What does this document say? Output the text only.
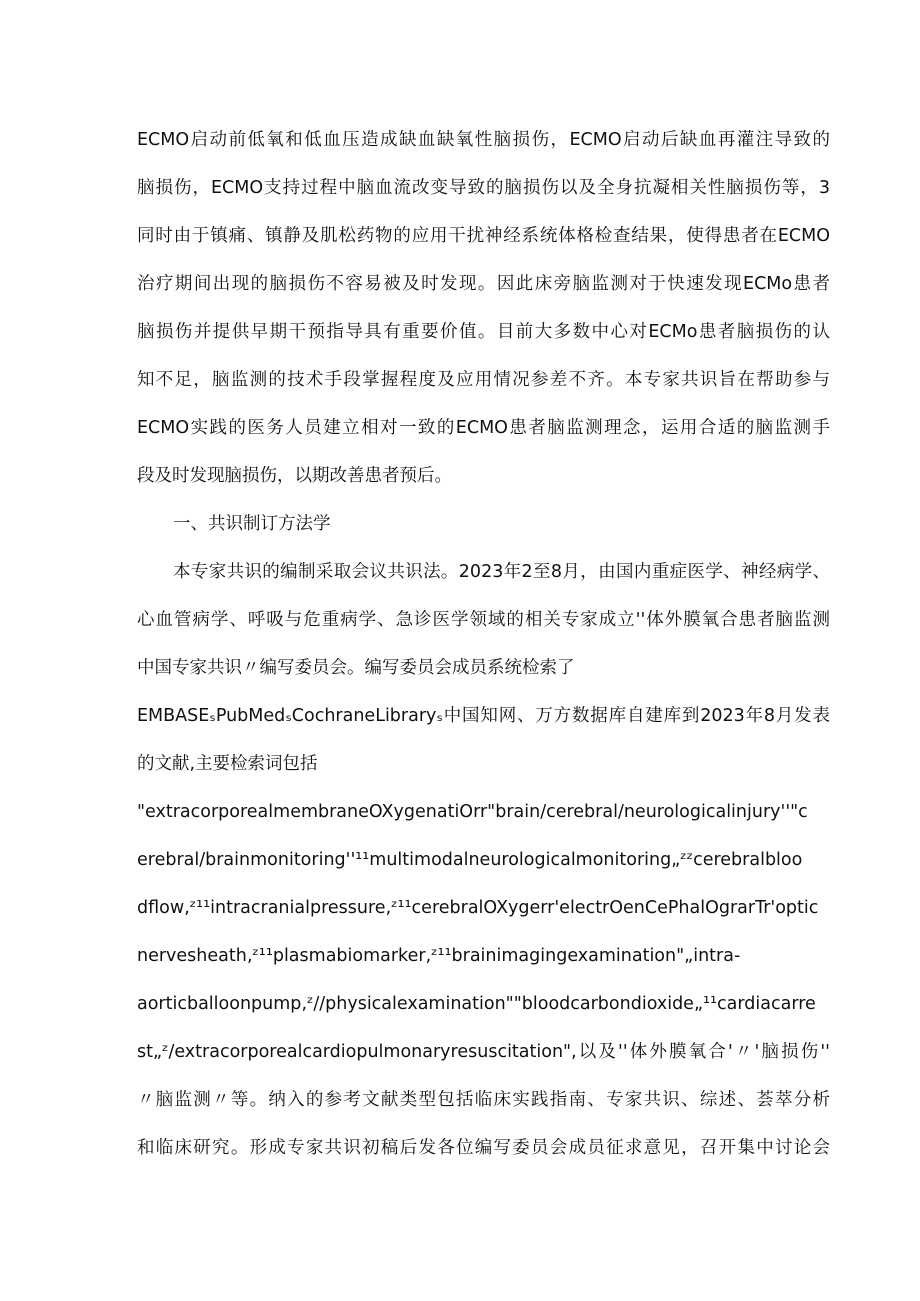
ECMO启动前低氧和低血压造成缺血缺氧性脑损伤，ECMO启动后缺血再灌注导致的
脑损伤，ECMO支持过程中脑血流改变导致的脑损伤以及全身抗凝相关性脑损伤等，3
同时由于镇痛、镇静及肌松药物的应用干扰神经系统体格检查结果，使得患者在ECMO
治疗期间出现的脑损伤不容易被及时发现。因此床旁脑监测对于快速发现ECMo患者
脑损伤并提供早期干预指导具有重要价值。目前大多数中心对ECMo患者脑损伤的认
知不足，脑监测的技术手段掌握程度及应用情况参差不齐。本专家共识旨在帮助参与
ECMO实践的医务人员建立相对一致的ECMO患者脑监测理念，运用合适的脑监测手
段及时发现脑损伤，以期改善患者预后。
一、共识制订方法学
本专家共识的编制采取会议共识法。2023年2至8月，由国内重症医学、神经病学、
心血管病学、呼吸与危重病学、急诊医学领域的相关专家成立''体外膜氧合患者脑监测
中国专家共识〃编写委员会。编写委员会成员系统检索了
EMBASEₛPubMedₛCochraneLibraryₛ中国知网、万方数据库自建库到2023年8月发表
的文献,主要检索词包括
"extracorporealmembraneOXygenatiOrr"brain/cerebral/neurologicalinjury''"c
erebral/brainmonitoring''¹¹multimodalneurologicalmonitoring„ᶻᶻcerebralbloo
dflow‚ᶻ¹¹intracranialpressure‚ᶻ¹¹cerebralOXygerr'electrOenCePhalOgrarTr'optic
nervesheath‚ᶻ¹¹plasmabiomarker‚ᶻ¹¹brainimagingexamination"„intra-
aorticballoonpump‚ᶻ//physicalexamination""bloodcarbondioxide„¹¹cardiacarre
st„ᶻ/extracorporealcardiopulmonaryresuscitation",以及''体外膜氧合'〃'脑损伤''
〃脑监测〃等。纳入的参考文献类型包括临床实践指南、专家共识、综述、荟萃分析
和临床研究。形成专家共识初稿后发各位编写委员会成员征求意见，召开集中讨论会
